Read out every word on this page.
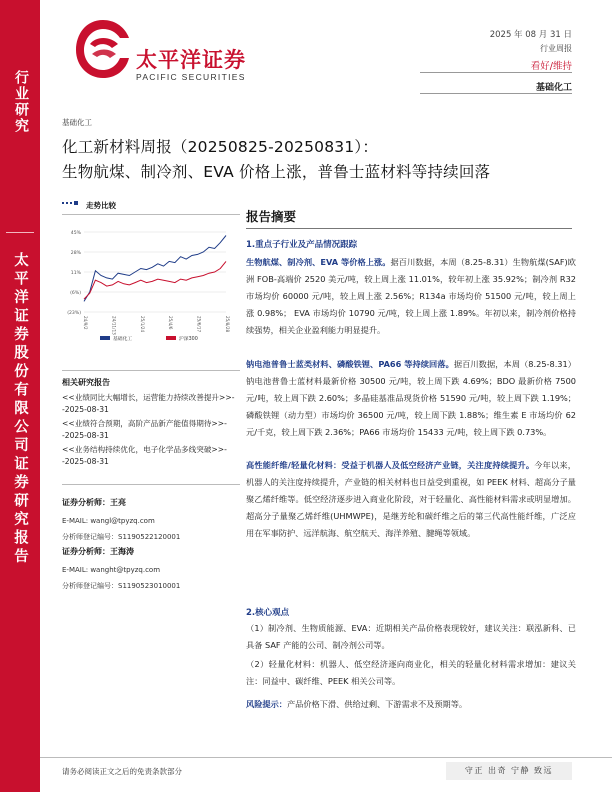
行业研究
太平洋证券股份有限公司证券研究报告
太平洋证券
PACIFIC SECURITIES
2025 年 08 月 31 日
行业周报
看好/维持
基础化工
基础化工
化工新材料周报（20250825-20250831）：
生物航煤、制冷剂、EVA 价格上涨，普鲁士蓝材料等持续回落
走势比较
45%
28%
11%
(6%)
(23%)
24/9/2	24/11/13	25/1/24	25/4/6	25/6/17	25/8/28
基础化工	沪深300
相关研究报告
<<业绩同比大幅增长，运营能力持续改善提升>>--2025-08-31
<<业绩符合预期，高阶产品新产能值得期待>>--2025-08-31
<<业务结构持续优化，电子化学品多线突破>>--2025-08-31
证券分析师：王亮
E-MAIL: wangl@tpyzq.com
分析师登记编号：S1190522120001
证券分析师：王海涛
E-MAIL: wanght@tpyzq.com
分析师登记编号：S1190523010001
报告摘要
1.重点子行业及产品情况跟踪
生物航煤、制冷剂、EVA 等价格上涨。据百川数据，本周（8.25-8.31）生物航煤(SAF)欧洲 FOB-高端价 2520 美元/吨，较上周上涨 11.01%，较年初上涨 35.92%；制冷剂 R32 市场均价 60000 元/吨，较上周上涨 2.56%；R134a 市场均价 51500 元/吨，较上周上涨 0.98%； EVA 市场均价 10790 元/吨，较上周上涨 1.89%。年初以来，制冷剂价格持续强势，相关企业盈利能力明显提升。
钠电池普鲁士蓝类材料、磷酸铁锂、PA66 等持续回落。据百川数据，本周（8.25-8.31）钠电池普鲁士蓝材料最新价格 30500 元/吨，较上周下跌 4.69%；BDO 最新价格 7500 元/吨，较上周下跌 2.60%；多晶硅基准品现货价格 51590 元/吨，较上周下跌 1.19%；磷酸铁锂（动力型）市场均价 36500 元/吨，较上周下跌 1.88%；维生素 E 市场均价 62 元/千克，较上周下跌 2.36%；PA66 市场均价 15433 元/吨，较上周下跌 0.73%。
高性能纤维/轻量化材料：受益于机器人及低空经济产业链，关注度持续提升。今年以来，机器人的关注度持续提升，产业链的相关材料也日益受到重视，如 PEEK 材料、超高分子量聚乙烯纤维等。低空经济逐步进入商业化阶段，对于轻量化、高性能材料需求或明显增加。超高分子量聚乙烯纤维(UHMWPE)，是继芳纶和碳纤维之后的第三代高性能纤维，广泛应用在军事防护、远洋航海、航空航天、海洋养殖、腱绳等领域。
2.核心观点
（1）制冷剂、生物质能源、EVA：近期相关产品价格表现较好，建议关注：联泓新科、已具备 SAF 产能的公司、制冷剂公司等。
（2）轻量化材料：机器人、低空经济逐向商业化，相关的轻量化材料需求增加：建议关注：同益中、碳纤维、PEEK 相关公司等。
风险提示：产品价格下滑、供给过剩、下游需求不及预期等。
请务必阅读正文之后的免责条款部分	守正 出奇 宁静 致远
